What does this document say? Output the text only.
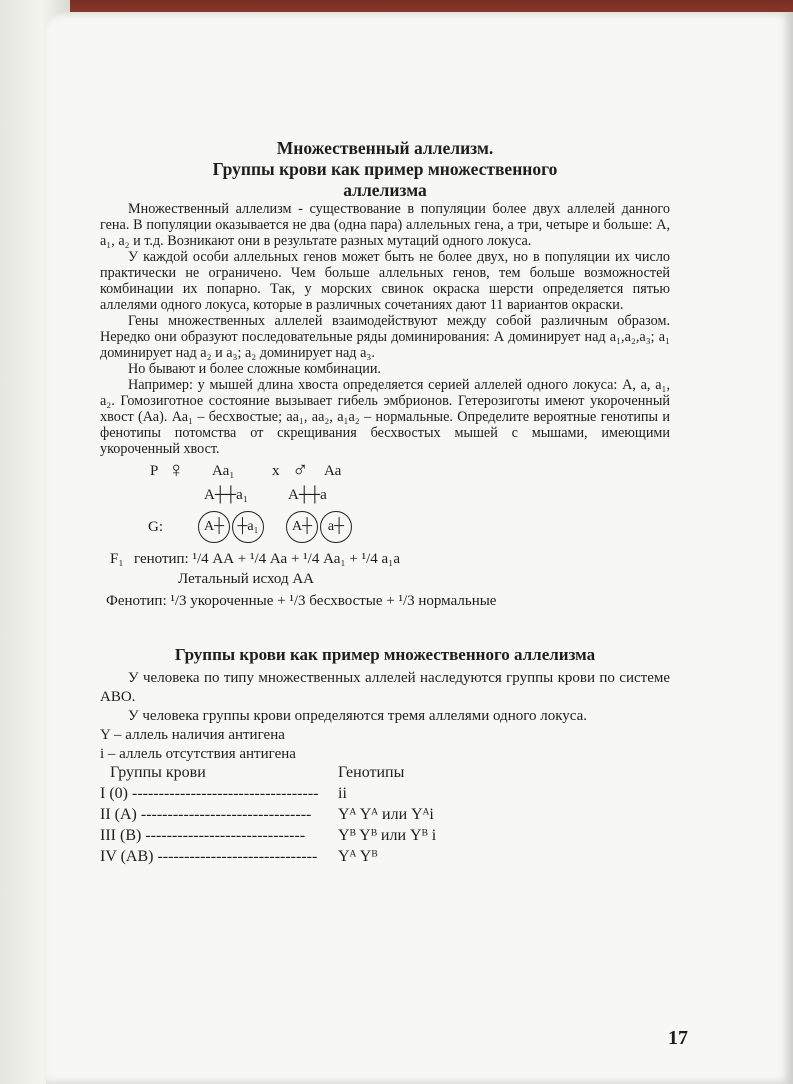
Множественный аллелизм.
Группы крови как пример множественного
аллелизма

Множественный аллелизм - существование в популяции более двух аллелей данного гена. В популяции оказывается не два (одна пара) аллельных гена, а три, четыре и больше: А, а₁, а₂ и т.д. Возникают они в результате разных мутаций одного локуса.

У каждой особи аллельных генов может быть не более двух, но в популяции их число практически не ограничено. Чем больше аллельных генов, тем больше возможностей комбинации их попарно. Так, у морских свинок окраска шерсти определяется пятью аллелями одного локуса, которые в различных сочетаниях дают 11 вариантов окраски.

Гены множественных аллелей взаимодействуют между собой различным образом. Нередко они образуют последовательные ряды доминирования: А доминирует над а₁,а₂,а₃; а₁ доминирует над а₂ и а₃; а₂ доминирует над а₃.

Но бывают и более сложные комбинации.

Например: у мышей длина хвоста определяется серией аллелей одного локуса: А, а, а₁, а₂. Гомозиготное состояние вызывает гибель эмбрионов. Гетерозиготы имеют укороченный хвост (Аа). Аа₁ – бесхвостые; аа₁, аа₂, а₁а₂ – нормальные. Определите вероятные генотипы и фенотипы потомства от скрещивания бесхвостых мышей с мышами, имеющими укороченный хвост.

Р ♀ Аа₁ х ♂ Аа
А┼┼а₁	А┼┼а
G:	А┼ ┼а₁	А┼	а┼
F₁ генотип: ¹/4 АА + ¹/4 Аа + ¹/4 Аа₁ + ¹/4 а₁а
Летальный исход АА
Фенотип: ¹/3 укороченные + ¹/3 бесхвостые + ¹/3 нормальные
Группы крови как пример множественного аллелизма

У человека по типу множественных аллелей наследуются группы крови по системе АВО.

У человека группы крови определяются тремя аллелями одного локуса.

Y – аллель наличия антигена

i – аллель отсутствия антигена

Группы крови	Генотипы
I (0) ----------------------------------- ii
II (A) -------------------------------- Yᴬ Yᴬ или Yᴬi
III (B) ------------------------------ Yᴮ Yᴮ или Yᴮ i
IV (AB) ------------------------------ Yᴬ Yᴮ
17
